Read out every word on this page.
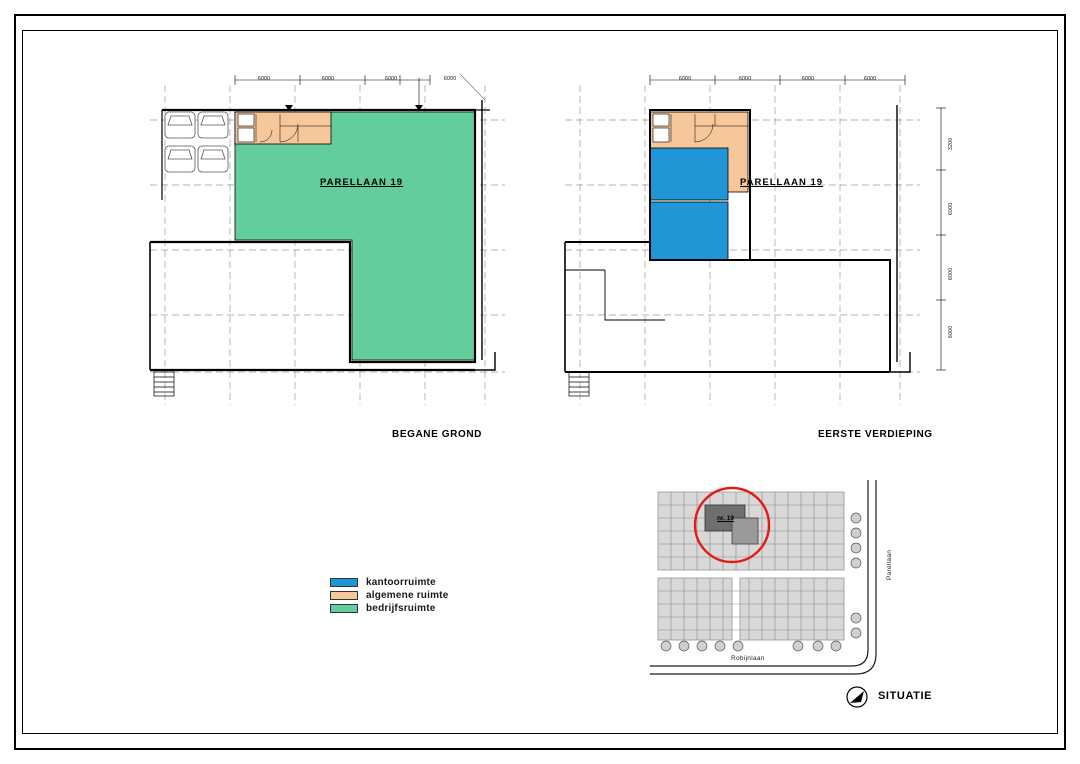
6000	6000	6000	6000
PARELLAAN 19
BEGANE GROND
6000	6000	6000	6000
3200
6000
6000
6000
PARELLAAN 19
EERSTE VERDIEPING
kantoorruimte
algemene ruimte
bedrijfsruimte
nr. 19
Parellaan
Robijnlaan
SITUATIE
